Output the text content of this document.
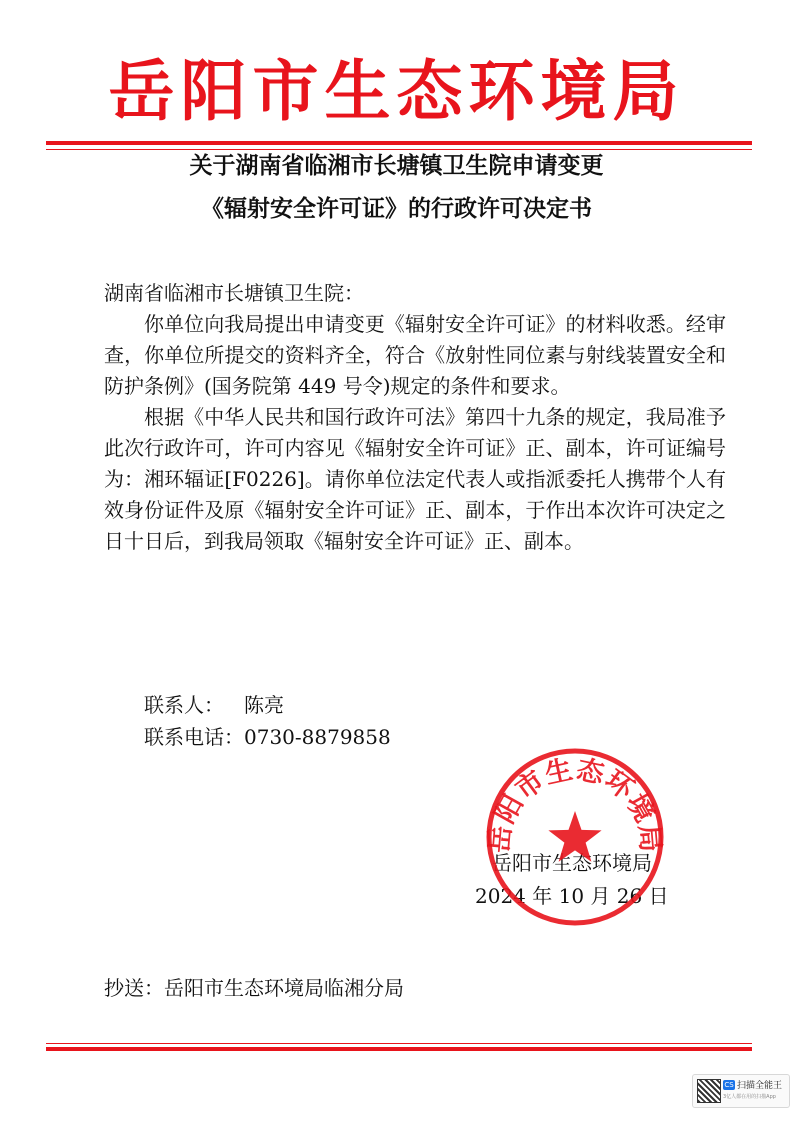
岳阳市生态环境局
关于湖南省临湘市长塘镇卫生院申请变更
《辐射安全许可证》的行政许可决定书

湖南省临湘市长塘镇卫生院：

你单位向我局提出申请变更《辐射安全许可证》的材料收悉。经审查，你单位所提交的资料齐全，符合《放射性同位素与射线装置安全和防护条例》(国务院第 449 号令)规定的条件和要求。

根据《中华人民共和国行政许可法》第四十九条的规定，我局准予此次行政许可，许可内容见《辐射安全许可证》正、副本，许可证编号为：湘环辐证[F0226]。请你单位法定代表人或指派委托人携带个人有效身份证件及原《辐射安全许可证》正、副本，于作出本次许可决定之日十日后，到我局领取《辐射安全许可证》正、副本。

联系人： 陈亮
联系电话：0730-8879858
岳阳市生态环境局
2024 年 10 月 26 日
岳阳市生态环境局
抄送：岳阳市生态环境局临湘分局
CS 扫描全能王
3亿人都在用的扫描App
